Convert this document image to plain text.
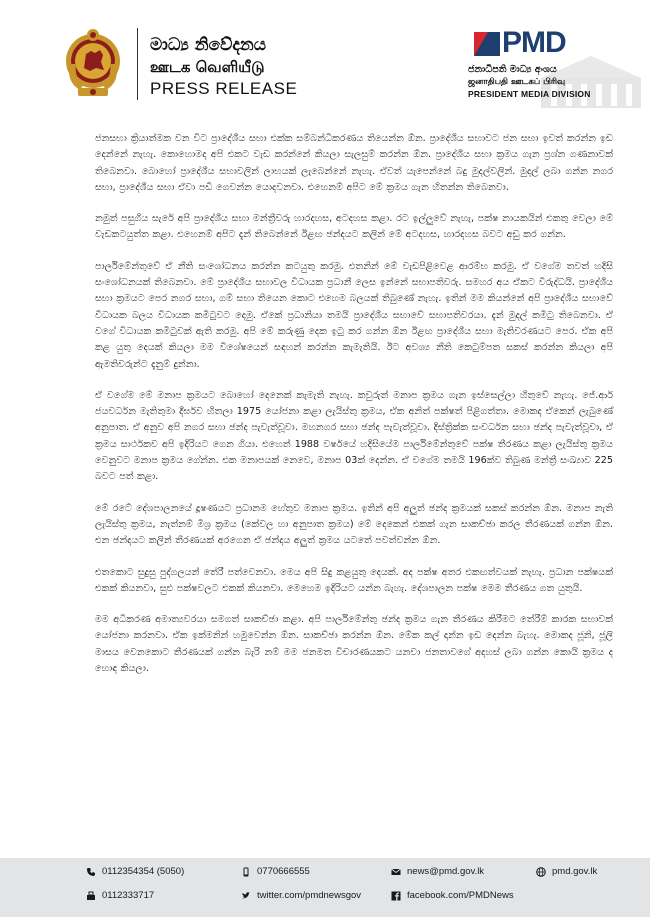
මාධ්‍ය නිවේදනය
ஊடக வெளியீடு
PRESS RELEASE
PMD
ජනාධිපති මාධ්‍ය අංශය
ஜனாதிபதி ஊடகப் பிரிவு
PRESIDENT MEDIA DIVISION

ජනසභා ක්‍රියාත්මක වන විට ප්‍රාදේශීය සභා එක්ක සම්බන්ධීකරණය තියෙන්න ඕන. ප්‍රාදේශීය සභාවට ජන සභා ඉවත් කරන්න ඉඩ දෙන්නේ නැහැ. කොහොමද අපි එකට වැඩ කරන්නේ කියලා සැලසුම් කරන්න ඕන. ප්‍රාදේශීය සභා ක්‍රමය ගැන ප්‍රශ්න ගණනාවක් තිබෙනවා. බොහෝ ප්‍රාදේශීය සභාවලින් ලාභයක් ලැබෙන්නේ නැහැ. ඒවත් යැපෙන්නේ බදු මුදල්වලින්. මුදල් ලබා ගන්න නගර සභා, ප්‍රාදේශීය සභා ඒවා පඩි ගෙවන්න යොදවනවා. එහෙනම් අපිට මේ ක්‍රමය ගැන හිතන්න තිබෙනවා.

නමුත් පසුගිය සැරේ අපි ප්‍රාදේශීය සභා මන්ත්‍රීවරු හාරදහස, අටදහස කළා. රට ඉල්ලුවේ නැහැ, පක්ෂ නායකයින් එකතු වෙලා මේ වැඩකටයුත්ත කළා. එහෙනම් අපිට දැන් තිබෙන්නේ ඊළඟ ඡන්දයට කලින් මේ අටදහස, හාරදහස බවට අඩු කර ගන්න.

පාර්ලිමේන්තුවේ ඒ නීති සංශෝධනය කරන්න කටයුතු කරමු. එතනින් මේ වැඩපිළිවෙළ ආරම්භ කරමු. ඒ වගේම තවත් හදිසි සංශෝධනයක් තිබෙනවා. මේ ප්‍රාදේශීය සභාවල විධායක ප්‍රධානී ලෙස ඉන්නේ සභාපතිවරු. සමහර අය ඒකට විරුද්ධයි. ප්‍රාදේශීය සභා ක්‍රමයට පෙර නගර සභා, ගම් සභා තියෙන කොට එහෙම බලයක් තිබුණේ නැහැ. ඉතින් මම කියන්නේ අපි ප්‍රාදේශීය සභාවේ විධායක බලය විධායක කමිටුවට දෙමු. ඒකේ ප්‍රධානියා තමයි ප්‍රාදේශීය සභාවේ සභාපතිවරයා. දැන් මුදල් කමිටු තිබෙනවා. ඒ වගේ විධායක කමිටුවක් ඇති කරමු. අපි මේ කරුණු දෙක ඉටු කර ගන්න ඕන ඊළඟ ප්‍රාදේශීය සභා මැතිවරණයට පෙර. ඒක අපි කළ යුතු දෙයක් කියලා මම විශේෂයෙන් සඳහන් කරන්න කැමැතියි. ඊට අවශ්‍ය නීති කෙටුම්පත සකස් කරන්න කියලා අපි ඇමතිවරුන්ට දැනුම් දුන්නා.

ඒ වගේම මේ මනාප ක්‍රමයට බොහෝ දෙනෙක් කැමැති නැහැ. කවුරුත් මනාප ක්‍රමය ගැන ඉස්සෙල්ලා හිතුවේ නැහැ. ජේ.ආර් ජයවර්ධන මැතිතුමා දීර්ඝව හිතලා 1975 යෝජනා කළා ලැයිස්තු ක්‍රමය, ඒක අනිත් පක්ෂත් පිළිගත්තා. මොකද ඒකෙන් ලැබුණේ අනුපාත. ඒ අනුව අපි නගර සභා ඡන්ද පැවැත්වූවා. මහනගර සභා ඡන්ද පැවැත්වූවා. දිස්ත්‍රික්ක සංවර්ධන සභා ඡන්ද පැවැත්වූවා, ඒ ක්‍රමය සාර්ථකව අපි ඉදිරියට ගෙන ගියා. එහෙත් 1988 වර්ෂයේ හදිසියේම පාර්ලිමේන්තුවේ පක්ෂ තීරණය කළා ලැයිස්තු ක්‍රමය වෙනුවට මනාප ක්‍රමය ගේන්න. එක මනාපයක් නෙවෙ, මනාප 03ක් දෙන්න. ඒ වගේම තමයි 196ක්ව තිබුණ මන්ත්‍රී සංඛ්‍යාව 225 බවට පත් කළා.

මේ රටේ දේශපාලනයේ දූෂණයට ප්‍රධානම හේතුව මනාප ක්‍රමය. ඉතින් අපි අලුත් ඡන්ද ක්‍රමයක් සකස් කරන්න ඕන. මනාප නැති ලැයිස්තු ක්‍රමය, නැත්නම් මිශ්‍ර ක්‍රමය (කේවල හා අනුපාත ක්‍රමය) මේ දෙකෙන් එකක් ගැන සාකච්ඡා කරල තීරණයක් ගන්න ඕන. එන ඡන්දයට කලින් තීරණයක් අරගෙන ඒ ඡන්දය අලුත් ක්‍රමය යටතේ පවත්වන්න ඕන.

එතකොට සුදුසු පුද්ගලයන් තේරී පත්වෙනවා. මෙය අපි සිදු කළයුතු දෙයක්. අද පක්ෂ අතර එකඟත්වයක් නැහැ. ප්‍රධාන පක්ෂයක් එකක් කියනවා, සුළු පක්ෂවලට එකක් කියනවා. මෙහෙම ඉදිරියට යන්න බැහැ. දේශපාලන පක්ෂ මෙම තීරණය ගත යුතුයි.

මම අධිකරණ අමාත්‍යවරයා සමගත් සාකච්ඡා කළා. අපි පාර්ලිමේන්තු ඡන්ද ක්‍රමය ගැන තීරණය කිරීමට තේරීම් කාරක සභාවක් යෝජනා කරනවා. ඒක ඉක්මනින් හමුවෙන්න ඕන. සාකච්ඡා කරන්න ඕන. මේක කල් දාන්න ඉඩ දෙන්න බැහැ. මොකද ජූනි, ජූලි මාසය වෙනකොට තීරණයක් ගන්න බැරි නම් මම ජනමත විචාරණයකට යනවා ජනතාවගේ අදහස් ලබා ගන්න කොයි ක්‍රමය ද හොඳ කියලා.

0112354354 (5050)
0112333717
0770666555
twitter.com/pmdnewsgov
news@pmd.gov.lk
facebook.com/PMDNews
pmd.gov.lk
